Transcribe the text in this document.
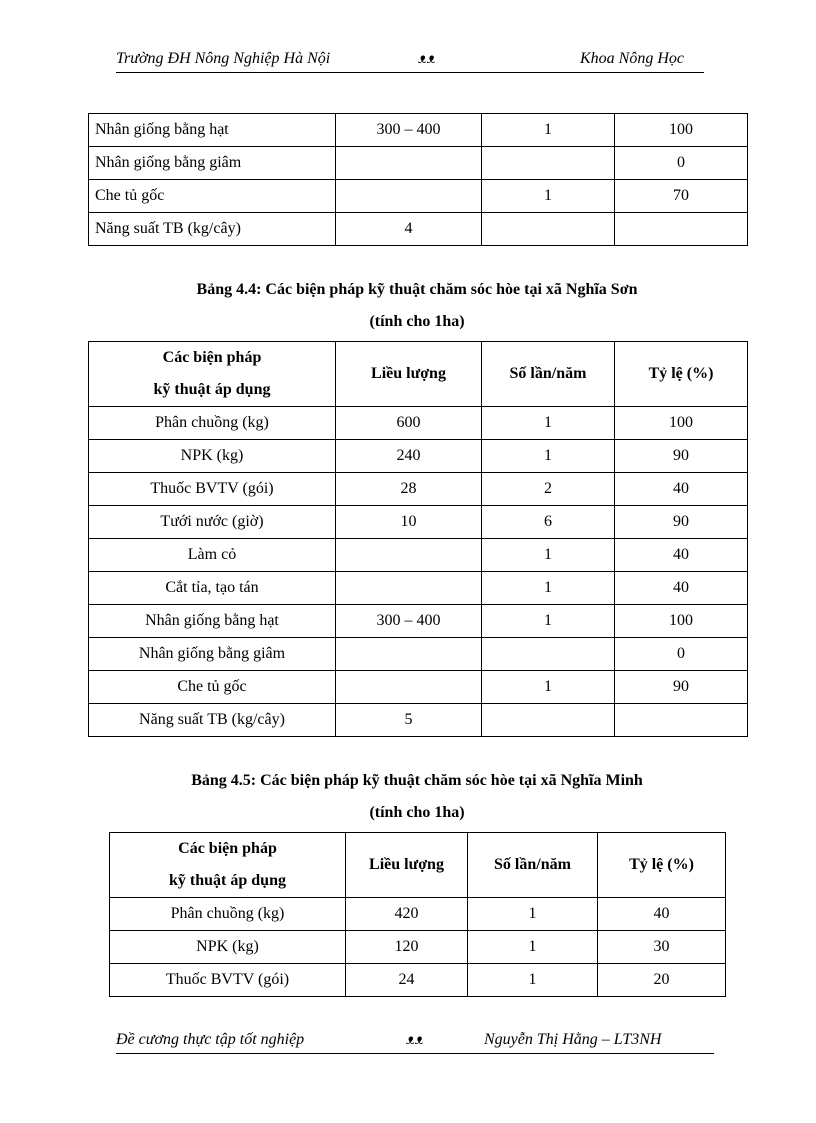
Trường ĐH Nông Nghiệp Hà Nội	ᴥᴥ	Khoa Nông Học
Nhân giống bằng hạt	300 – 400	1	100
Nhân giống bằng giâm			0
Che tủ gốc		1	70
Năng suất TB (kg/cây)	4		
Bảng 4.4: Các biện pháp kỹ thuật chăm sóc hòe tại xã Nghĩa Sơn
(tính cho 1ha)
Các biện pháp
kỹ thuật áp dụng	Liều lượng	Số lần/năm	Tỷ lệ (%)
Phân chuồng (kg)	600	1	100
NPK (kg)	240	1	90
Thuốc BVTV (gói)	28	2	40
Tưới nước (giờ)	10	6	90
Làm cỏ		1	40
Cắt tỉa, tạo tán		1	40
Nhân giống bằng hạt	300 – 400	1	100
Nhân giống bằng giâm			0
Che tủ gốc		1	90
Năng suất TB (kg/cây)	5		
Bảng 4.5: Các biện pháp kỹ thuật chăm sóc hòe tại xã Nghĩa Minh
(tính cho 1ha)
Các biện pháp
kỹ thuật áp dụng	Liều lượng	Số lần/năm	Tỷ lệ (%)
Phân chuồng (kg)	420	1	40
NPK (kg)	120	1	30
Thuốc BVTV (gói)	24	1	20
Đề cương thực tập tốt nghiệp	ᴥᴥ	Nguyễn Thị Hằng – LT3NH
